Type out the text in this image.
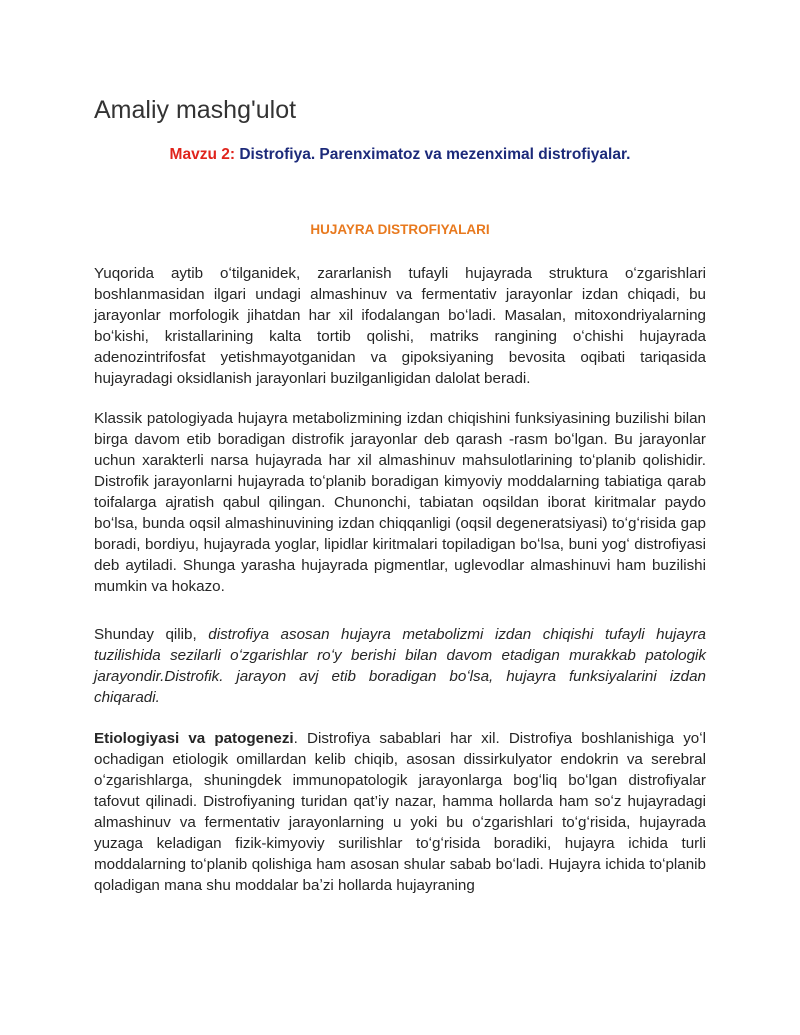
Amaliy mashg'ulot

Mavzu 2: Distrofiya. Parenximatoz va mezenximal distrofiyalar.

HUJAYRA DISTROFIYALARI

Yuqorida aytib oʻtilganidek, zararlanish tufayli hujayrada struktura oʻzgarishlari boshlanmasidan ilgari undagi almashinuv va fermentativ jarayonlar izdan chiqadi, bu jarayonlar morfologik jihatdan har xil ifodalangan boʻladi. Masalan, mitoxondriyalarning boʻkishi, kristallarining kalta tortib qolishi, matriks rangining oʻchishi hujayrada adenozintrifosfat yetishmayotganidan va gipoksiyaning bevosita oqibati tariqasida hujayradagi oksidlanish jarayonlari buzilganligidan dalolat beradi.

Klassik patologiyada hujayra metabolizmining izdan chiqishini funksiyasining buzilishi bilan birga davom etib boradigan distrofik jarayonlar deb qarash -rasm boʻlgan. Bu jarayonlar uchun xarakterli narsa hujayrada har xil almashinuv mahsulotlarining toʻplanib qolishidir. Distrofik jarayonlarni hujayrada toʻplanib boradigan kimyoviy moddalarning tabiatiga qarab toifalarga ajratish qabul qilingan. Chunonchi, tabiatan oqsildan iborat kiritmalar paydo boʻlsa, bunda oqsil almashinuvining izdan chiqqanligi (oqsil degeneratsiyasi) toʻgʻrisida gap boradi, bordiyu, hujayrada yoglar, lipidlar kiritmalari topiladigan boʻlsa, buni yogʻ distrofiyasi deb aytiladi. Shunga yarasha hujayrada pigmentlar, uglevodlar almashinuvi ham buzilishi mumkin va hokazo.

Shunday qilib, distrofiya asosan hujayra metabolizmi izdan chiqishi tufayli hujayra tuzilishida sezilarli oʻzgarishlar roʻy berishi bilan davom etadigan murakkab patologik jarayondir.Distrofik. jarayon avj etib boradigan boʻlsa, hujayra funksiyalarini izdan chiqaradi.

Etiologiyasi va patogenezi. Distrofiya sabablari har xil. Distrofiya boshlanishiga yoʻl ochadigan etiologik omillardan kelib chiqib, asosan dissirkulyator endokrin va serebral oʻzgarishlarga, shuningdek immunopatologik jarayonlarga bogʻliq boʻlgan distrofiyalar tafovut qilinadi. Distrofiyaning turidan qat’iy nazar, hamma hollarda ham soʻz hujayradagi almashinuv va fermentativ jarayonlarning u yoki bu oʻzgarishlari toʻgʻrisida, hujayrada yuzaga keladigan fizik-kimyoviy surilishlar toʻgʻrisida boradiki, hujayra ichida turli moddalarning toʻplanib qolishiga ham asosan shular sabab boʻladi. Hujayra ichida toʻplanib qoladigan mana shu moddalar baʼzi hollarda hujayraning
